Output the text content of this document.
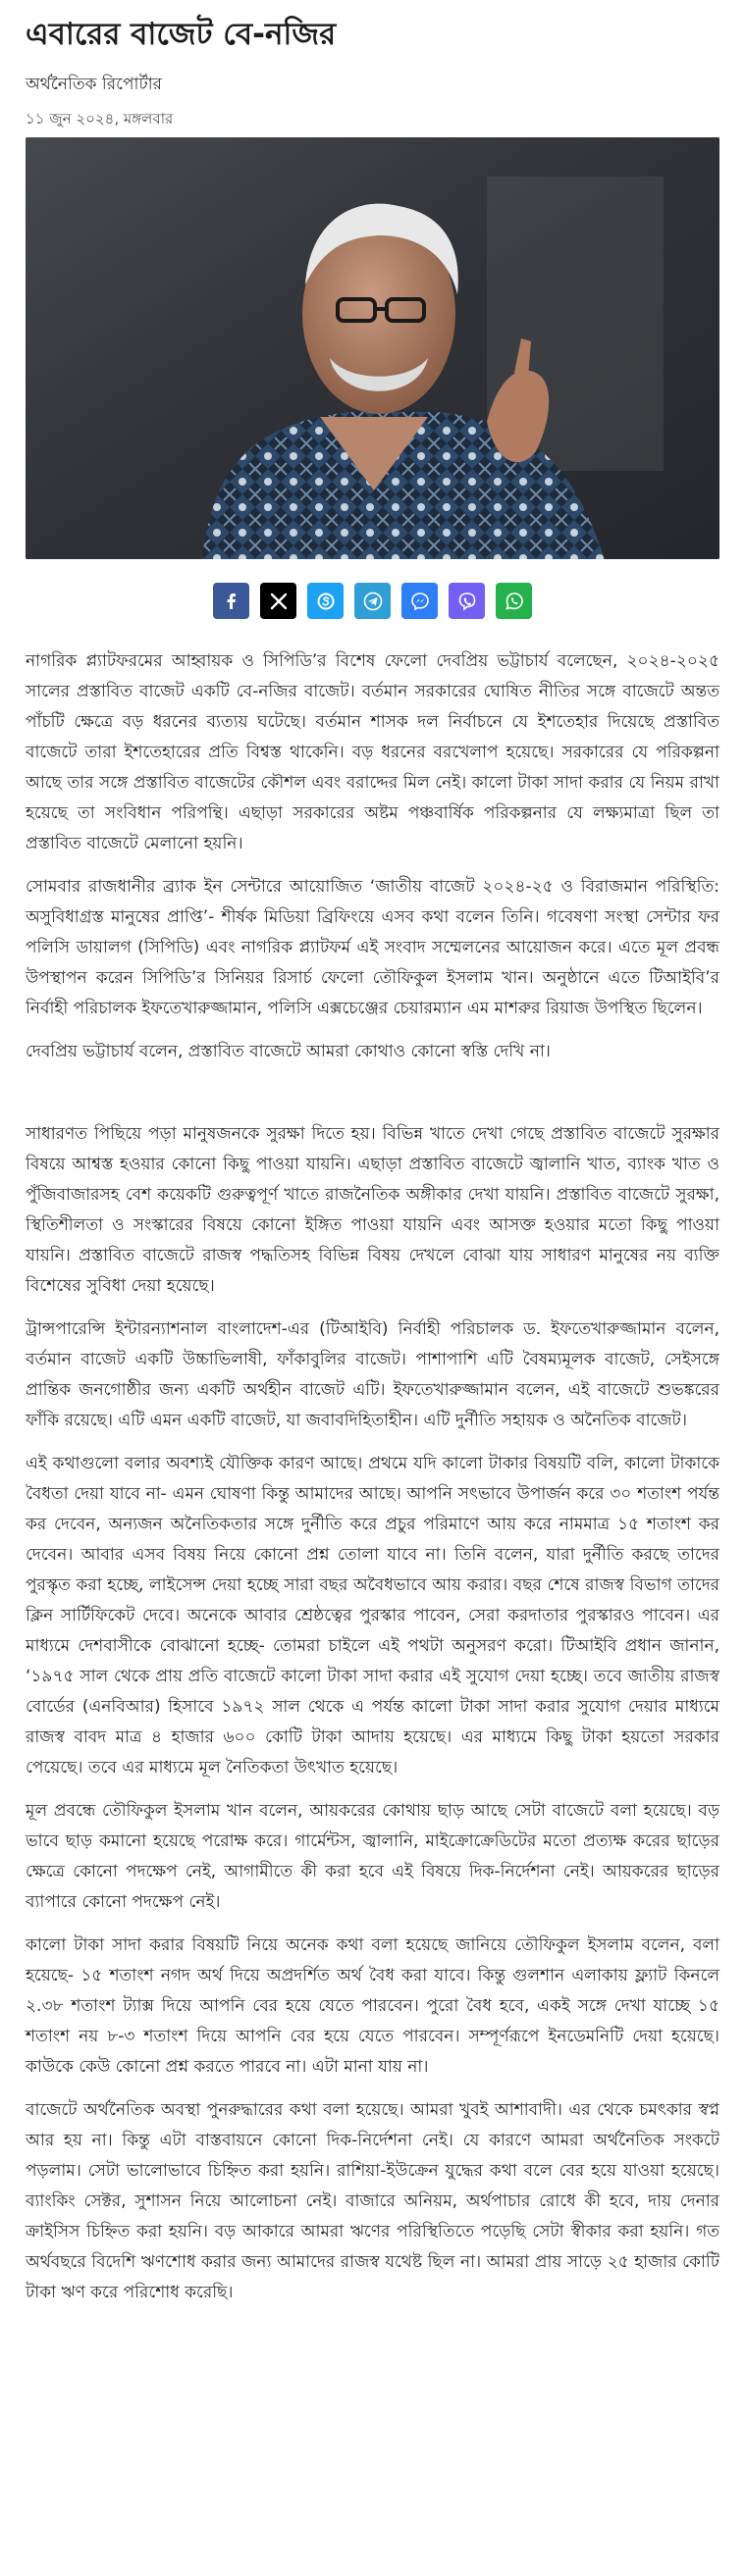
এবারের বাজেট বে-নজির
অর্থনৈতিক রিপোর্টার
১১ জুন ২০২৪, মঙ্গলবার

নাগরিক প্ল্যাটফরমের আহ্বায়ক ও সিপিডি’র বিশেষ ফেলো দেবপ্রিয় ভট্টাচার্য বলেছেন, ২০২৪-২০২৫ সালের প্রস্তাবিত বাজেট একটি বে-নজির বাজেট। বর্তমান সরকারের ঘোষিত নীতির সঙ্গে বাজেটে অন্তত পাঁচটি ক্ষেত্রে বড় ধরনের ব্যত্যয় ঘটেছে। বর্তমান শাসক দল নির্বাচনে যে ইশতেহার দিয়েছে প্রস্তাবিত বাজেটে তারা ইশতেহারের প্রতি বিশ্বস্ত থাকেনি। বড় ধরনের বরখেলাপ হয়েছে। সরকারের যে পরিকল্পনা আছে তার সঙ্গে প্রস্তাবিত বাজেটের কৌশল এবং বরাদ্দের মিল নেই। কালো টাকা সাদা করার যে নিয়ম রাখা হয়েছে তা সংবিধান পরিপন্থি। এছাড়া সরকারের অষ্টম পঞ্চবার্ষিক পরিকল্পনার যে লক্ষ্যমাত্রা ছিল তা প্রস্তাবিত বাজেটে মেলানো হয়নি।

সোমবার রাজধানীর ব্র্যাক ইন সেন্টারে আয়োজিত ‘জাতীয় বাজেট ২০২৪-২৫ ও বিরাজমান পরিস্থিতি: অসুবিধাগ্রস্ত মানুষের প্রাপ্তি’- শীর্ষক মিডিয়া ব্রিফিংয়ে এসব কথা বলেন তিনি। গবেষণা সংস্থা সেন্টার ফর পলিসি ডায়ালগ (সিপিডি) এবং নাগরিক প্ল্যাটফর্ম এই সংবাদ সম্মেলনের আয়োজন করে। এতে মূল প্রবন্ধ উপস্থাপন করেন সিপিডি’র সিনিয়র রিসার্চ ফেলো তৌফিকুল ইসলাম খান। অনুষ্ঠানে এতে টিআইবি’র নির্বাহী পরিচালক ইফতেখারুজ্জামান, পলিসি এক্সচেঞ্জের চেয়ারম্যান এম মাশরুর রিয়াজ উপস্থিত ছিলেন।

দেবপ্রিয় ভট্টাচার্য বলেন, প্রস্তাবিত বাজেটে আমরা কোথাও কোনো স্বস্তি দেখি না।

সাধারণত পিছিয়ে পড়া মানুষজনকে সুরক্ষা দিতে হয়। বিভিন্ন খাতে দেখা গেছে প্রস্তাবিত বাজেটে সুরক্ষার বিষয়ে আশ্বস্ত হওয়ার কোনো কিছু পাওয়া যায়নি। এছাড়া প্রস্তাবিত বাজেটে জ্বালানি খাত, ব্যাংক খাত ও পুঁজিবাজারসহ বেশ কয়েকটি গুরুত্বপূর্ণ খাতে রাজনৈতিক অঙ্গীকার দেখা যায়নি। প্রস্তাবিত বাজেটে সুরক্ষা, স্থিতিশীলতা ও সংস্কারের বিষয়ে কোনো ইঙ্গিত পাওয়া যায়নি এবং আসক্ত হওয়ার মতো কিছু পাওয়া যায়নি। প্রস্তাবিত বাজেটে রাজস্ব পদ্ধতিসহ বিভিন্ন বিষয় দেখলে বোঝা যায় সাধারণ মানুষের নয় ব্যক্তি বিশেষের সুবিধা দেয়া হয়েছে।

ট্রান্সপারেন্সি ইন্টারন্যাশনাল বাংলাদেশ-এর (টিআইবি) নির্বাহী পরিচালক ড. ইফতেখারুজ্জামান বলেন, বর্তমান বাজেট একটি উচ্চাভিলাষী, ফাঁকাবুলির বাজেট। পাশাপাশি এটি বৈষম্যমূলক বাজেট, সেইসঙ্গে প্রান্তিক জনগোষ্ঠীর জন্য একটি অর্থহীন বাজেট এটি। ইফতেখারুজ্জামান বলেন, এই বাজেটে শুভঙ্করের ফাঁকি রয়েছে। এটি এমন একটি বাজেট, যা জবাবদিহিতাহীন। এটি দুর্নীতি সহায়ক ও অনৈতিক বাজেট।

এই কথাগুলো বলার অবশ্যই যৌক্তিক কারণ আছে। প্রথমে যদি কালো টাকার বিষয়টি বলি, কালো টাকাকে বৈধতা দেয়া যাবে না- এমন ঘোষণা কিন্তু আমাদের আছে। আপনি সৎভাবে উপার্জন করে ৩০ শতাংশ পর্যন্ত কর দেবেন, অন্যজন অনৈতিকতার সঙ্গে দুর্নীতি করে প্রচুর পরিমাণে আয় করে নামমাত্র ১৫ শতাংশ কর দেবেন। আবার এসব বিষয় নিয়ে কোনো প্রশ্ন তোলা যাবে না। তিনি বলেন, যারা দুর্নীতি করছে তাদের পুরস্কৃত করা হচ্ছে, লাইসেন্স দেয়া হচ্ছে সারা বছর অবৈধভাবে আয় করার। বছর শেষে রাজস্ব বিভাগ তাদের ক্লিন সার্টিফিকেট দেবে। অনেকে আবার শ্রেষ্ঠত্বের পুরস্কার পাবেন, সেরা করদাতার পুরস্কারও পাবেন। এর মাধ্যমে দেশবাসীকে বোঝানো হচ্ছে- তোমরা চাইলে এই পথটা অনুসরণ করো। টিআইবি প্রধান জানান, ‘১৯৭৫ সাল থেকে প্রায় প্রতি বাজেটে কালো টাকা সাদা করার এই সুযোগ দেয়া হচ্ছে। তবে জাতীয় রাজস্ব বোর্ডের (এনবিআর) হিসাবে ১৯৭২ সাল থেকে এ পর্যন্ত কালো টাকা সাদা করার সুযোগ দেয়ার মাধ্যমে রাজস্ব বাবদ মাত্র ৪ হাজার ৬০০ কোটি টাকা আদায় হয়েছে। এর মাধ্যমে কিছু টাকা হয়তো সরকার পেয়েছে। তবে এর মাধ্যমে মূল নৈতিকতা উৎখাত হয়েছে।

মূল প্রবন্ধে তৌফিকুল ইসলাম খান বলেন, আয়করের কোথায় ছাড় আছে সেটা বাজেটে বলা হয়েছে। বড় ভাবে ছাড় কমানো হয়েছে পরোক্ষ করে। গার্মেন্টস, জ্বালানি, মাইক্রোক্রেডিটের মতো প্রত্যক্ষ করের ছাড়ের ক্ষেত্রে কোনো পদক্ষেপ নেই, আগামীতে কী করা হবে এই বিষয়ে দিক-নির্দেশনা নেই। আয়করের ছাড়ের ব্যাপারে কোনো পদক্ষেপ নেই।

কালো টাকা সাদা করার বিষয়টি নিয়ে অনেক কথা বলা হয়েছে জানিয়ে তৌফিকুল ইসলাম বলেন, বলা হয়েছে- ১৫ শতাংশ নগদ অর্থ দিয়ে অপ্রদর্শিত অর্থ বৈধ করা যাবে। কিন্তু গুলশান এলাকায় ফ্ল্যাট কিনলে ২.৩৮ শতাংশ ট্যাক্স দিয়ে আপনি বের হয়ে যেতে পারবেন। পুরো বৈধ হবে, একই সঙ্গে দেখা যাচ্ছে ১৫ শতাংশ নয় ৮-৩ শতাংশ দিয়ে আপনি বের হয়ে যেতে পারবেন। সম্পূর্ণরূপে ইনডেমনিটি দেয়া হয়েছে। কাউকে কেউ কোনো প্রশ্ন করতে পারবে না। এটা মানা যায় না।

বাজেটে অর্থনৈতিক অবস্থা পুনরুদ্ধারের কথা বলা হয়েছে। আমরা খুবই আশাবাদী। এর থেকে চমৎকার স্বপ্ন আর হয় না। কিন্তু এটা বাস্তবায়নে কোনো দিক-নির্দেশনা নেই। যে কারণে আমরা অর্থনৈতিক সংকটে পড়লাম। সেটা ভালোভাবে চিহ্নিত করা হয়নি। রাশিয়া-ইউক্রেন যুদ্ধের কথা বলে বের হয়ে যাওয়া হয়েছে। ব্যাংকিং সেক্টর, সুশাসন নিয়ে আলোচনা নেই। বাজারে অনিয়ম, অর্থপাচার রোধে কী হবে, দায় দেনার ক্রাইসিস চিহ্নিত করা হয়নি। বড় আকারে আমরা ঋণের পরিস্থিতিতে পড়েছি সেটা স্বীকার করা হয়নি। গত অর্থবছরে বিদেশি ঋণশোধ করার জন্য আমাদের রাজস্ব যথেষ্ট ছিল না। আমরা প্রায় সাড়ে ২৫ হাজার কোটি টাকা ঋণ করে পরিশোধ করেছি।
